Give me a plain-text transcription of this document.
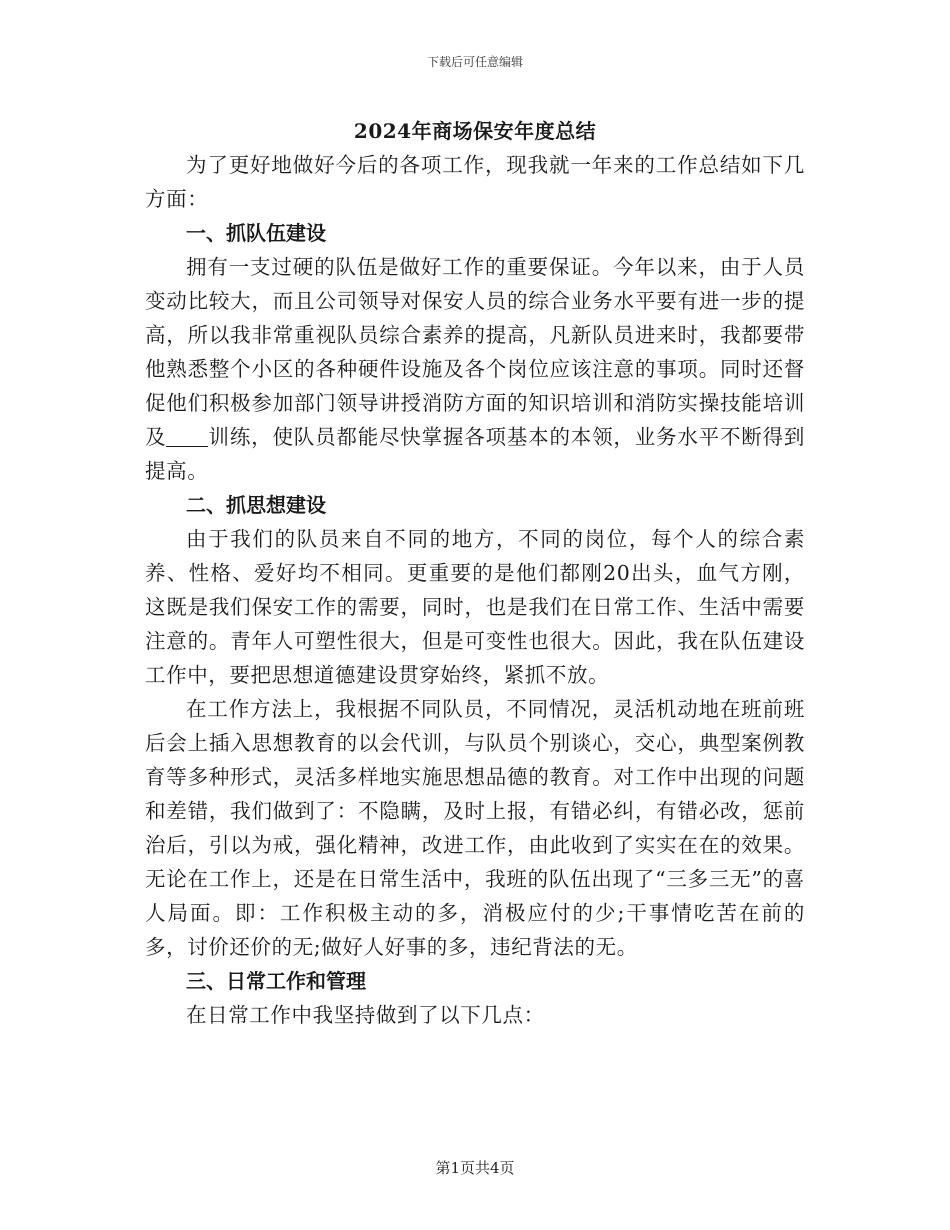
下载后可任意编辑
2024年商场保安年度总结

为了更好地做好今后的各项工作，现我就一年来的工作总结如下几方面：

一、抓队伍建设

拥有一支过硬的队伍是做好工作的重要保证。今年以来，由于人员变动比较大，而且公司领导对保安人员的综合业务水平要有进一步的提高，所以我非常重视队员综合素养的提高，凡新队员进来时，我都要带他熟悉整个小区的各种硬件设施及各个岗位应该注意的事项。同时还督促他们积极参加部门领导讲授消防方面的知识培训和消防实操技能培训及 训练，使队员都能尽快掌握各项基本的本领，业务水平不断得到提高。

二、抓思想建设

由于我们的队员来自不同的地方，不同的岗位，每个人的综合素养、性格、爱好均不相同。更重要的是他们都刚20出头，血气方刚，这既是我们保安工作的需要，同时，也是我们在日常工作、生活中需要注意的。青年人可塑性很大，但是可变性也很大。因此，我在队伍建设工作中，要把思想道德建设贯穿始终，紧抓不放。

在工作方法上，我根据不同队员，不同情况，灵活机动地在班前班后会上插入思想教育的以会代训，与队员个别谈心，交心，典型案例教育等多种形式，灵活多样地实施思想品德的教育。对工作中出现的问题和差错，我们做到了：不隐瞒，及时上报，有错必纠，有错必改，惩前治后，引以为戒，强化精神，改进工作，由此收到了实实在在的效果。无论在工作上，还是在日常生活中，我班的队伍出现了“三多三无”的喜人局面。即：工作积极主动的多，消极应付的少;干事情吃苦在前的多，讨价还价的无;做好人好事的多，违纪背法的无。

三、日常工作和管理

在日常工作中我坚持做到了以下几点：

第1页共4页
